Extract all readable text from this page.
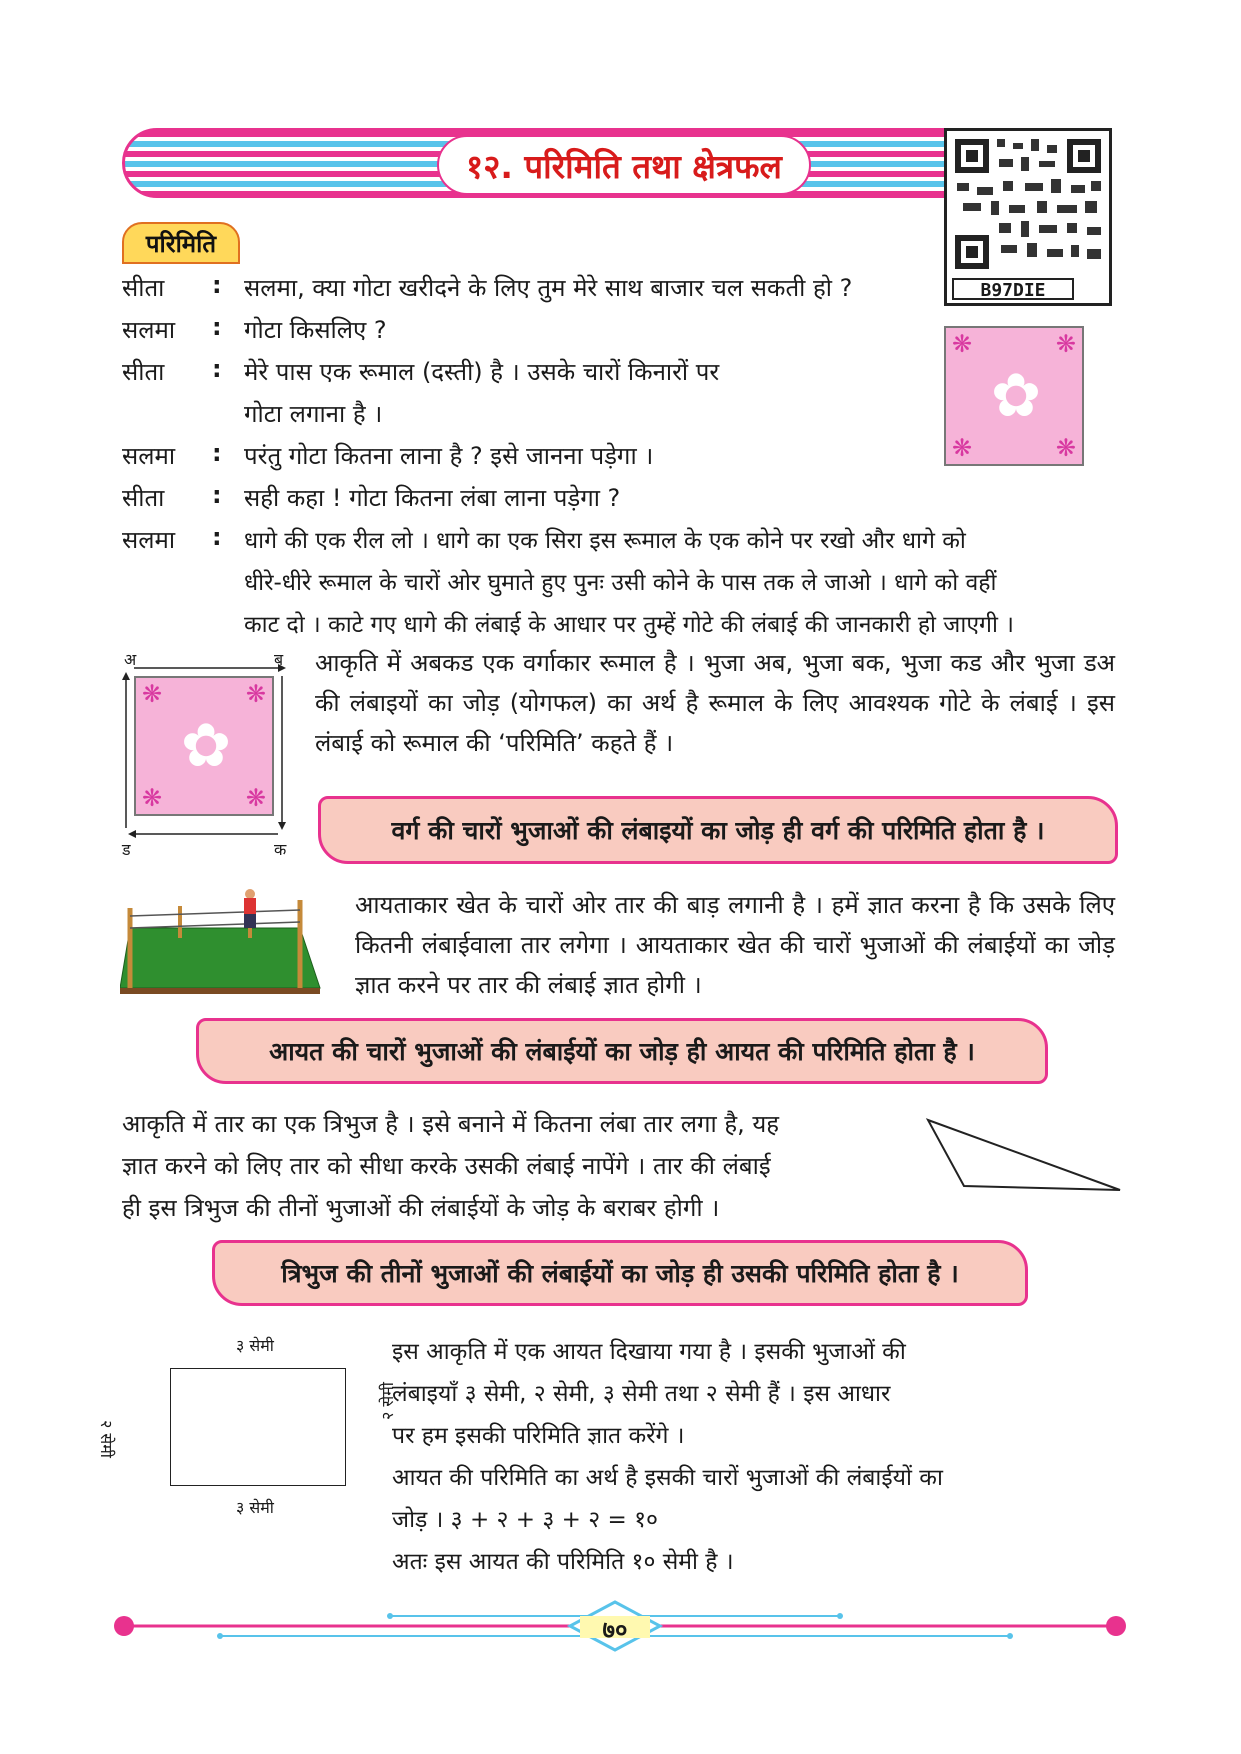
१२. परिमिति तथा क्षेत्रफल
B97DIE
परिमिति
सीता : सलमा, क्या गोटा खरीदने के लिए तुम मेरे साथ बाजार चल सकती हो ?
सलमा : गोटा किसलिए ?
सीता : मेरे पास एक रूमाल (दस्ती) है । उसके चारों किनारों पर
गोटा लगाना है ।
सलमा : परंतु गोटा कितना लाना है ? इसे जानना पड़ेगा ।
सीता : सही कहा ! गोटा कितना लंबा लाना पड़ेगा ?
सलमा : धागे की एक रील लो । धागे का एक सिरा इस रूमाल के एक कोने पर रखो और धागे को
धीरे-धीरे रूमाल के चारों ओर घुमाते हुए पुनः उसी कोने के पास तक ले जाओ । धागे को वहीं
काट दो । काटे गए धागे की लंबाई के आधार पर तुम्हें गोटे की लंबाई की जानकारी हो जाएगी ।
✿
❋	❋
❋	❋
अ	ब
ड	क
✿
❋	❋
❋	❋
आकृति में अबकड एक वर्गाकार रूमाल है । भुजा अब, भुजा बक, भुजा कड और भुजा डअ की लंबाइयों का जोड़ (योगफल) का अर्थ है रूमाल के लिए आवश्यक गोटे के लंबाई । इस लंबाई को रूमाल की ‘परिमिति’ कहते हैं ।
वर्ग की चारों भुजाओं की लंबाइयों का जोड़ ही वर्ग की परिमिति होता है ।
आयताकार खेत के चारों ओर तार की बाड़ लगानी है । हमें ज्ञात करना है कि उसके लिए कितनी लंबाईवाला तार लगेगा । आयताकार खेत की चारों भुजाओं की लंबाईयों का जोड़ ज्ञात करने पर तार की लंबाई ज्ञात होगी ।
आयत की चारों भुजाओं की लंबाईयों का जोड़ ही आयत की परिमिति होता है ।
आकृति में तार का एक त्रिभुज है । इसे बनाने में कितना लंबा तार लगा है, यह
ज्ञात करने को लिए तार को सीधा करके उसकी लंबाई नापेंगे । तार की लंबाई
ही इस त्रिभुज की तीनों भुजाओं की लंबाईयों के जोड़ के बराबर होगी ।
त्रिभुज की तीनों भुजाओं की लंबाईयों का जोड़ ही उसकी परिमिति होता है ।
३ सेमी
३ सेमी
२ सेमी
२ सेमी
इस आकृति में एक आयत दिखाया गया है । इसकी भुजाओं की
लंबाइयाँ ३ सेमी, २ सेमी, ३ सेमी तथा २ सेमी हैं । इस आधार
पर हम इसकी परिमिति ज्ञात करेंगे ।
आयत की परिमिति का अर्थ है इसकी चारों भुजाओं की लंबाईयों का
जोड़ । ३ + २ + ३ + २ = १०
अतः इस आयत की परिमिति १० सेमी है ।
७०
